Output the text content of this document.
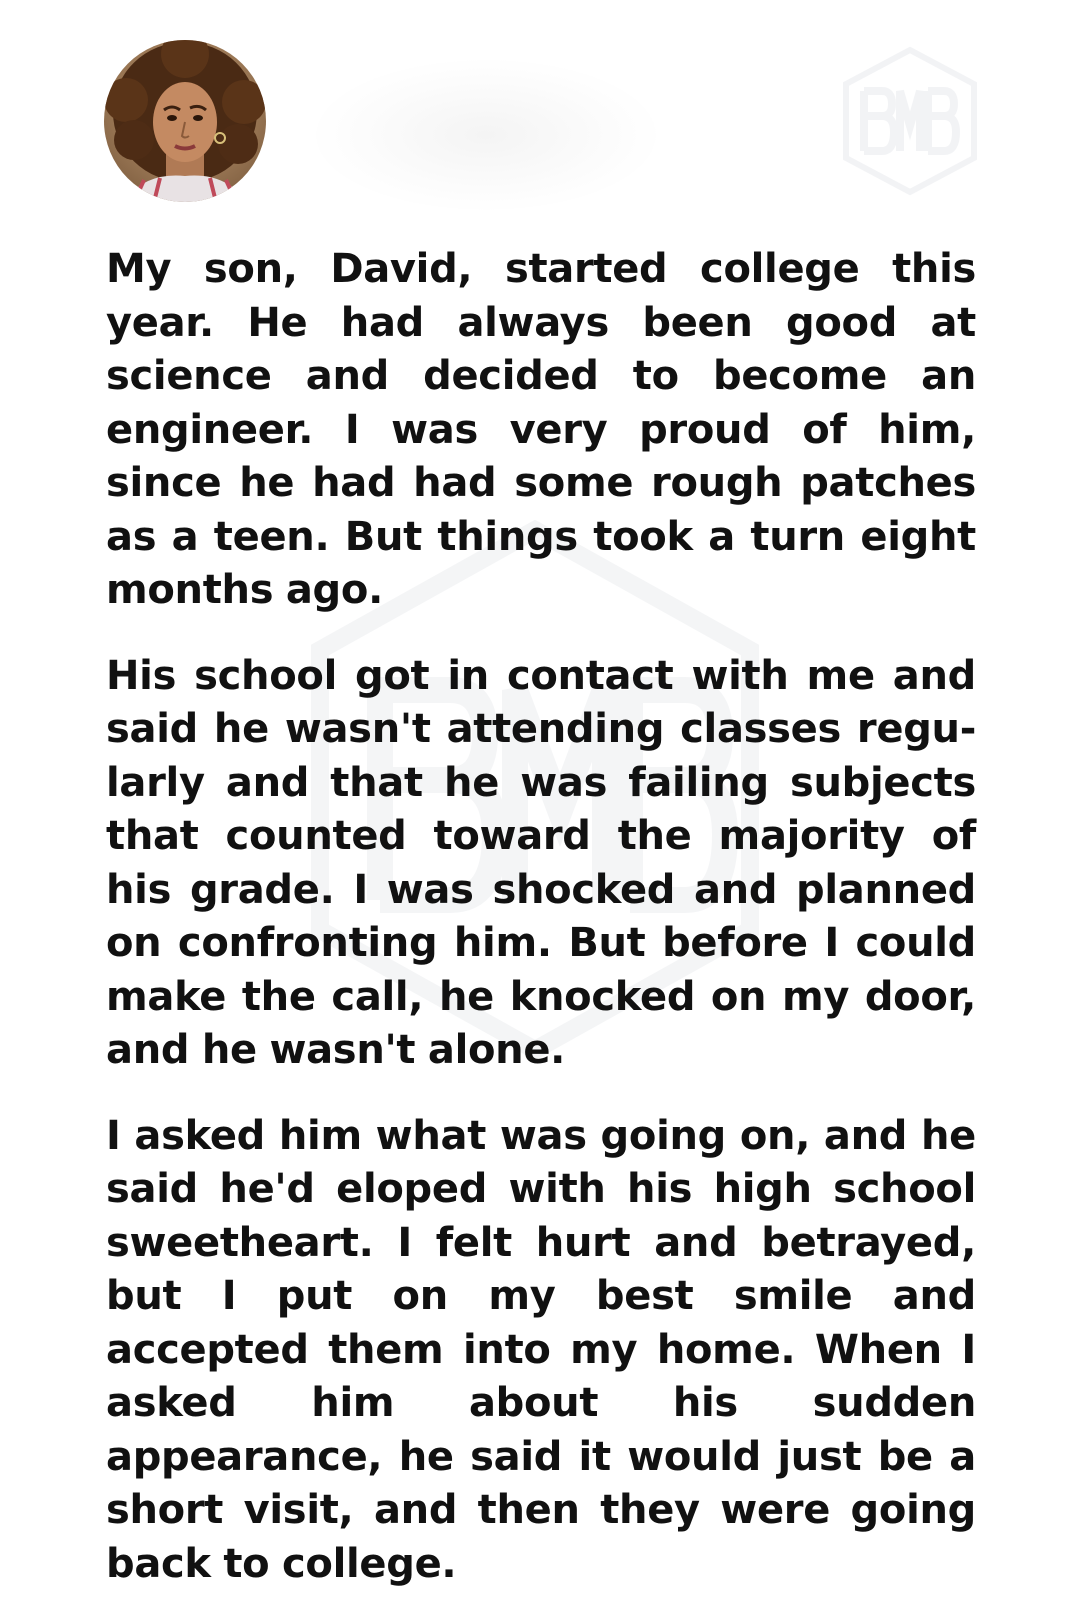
My son, David, started college this year. He had always been good at science and decided to become an engineer. I was very proud of him, since he had had some rough patches as a teen. But things took a turn eight months ago.

His school got in contact with me and said he wasn't attending classes regu-larly and that he was failing subjects that counted toward the majority of his grade. I was shocked and planned on confronting him. But before I could make the call, he knocked on my door, and he wasn't alone.

I asked him what was going on, and he said he'd eloped with his high school sweetheart. I felt hurt and betrayed, but I put on my best smile and accepted them into my home. When I asked him about his sudden appearance, he said it would just be a short visit, and then they were going back to college.
